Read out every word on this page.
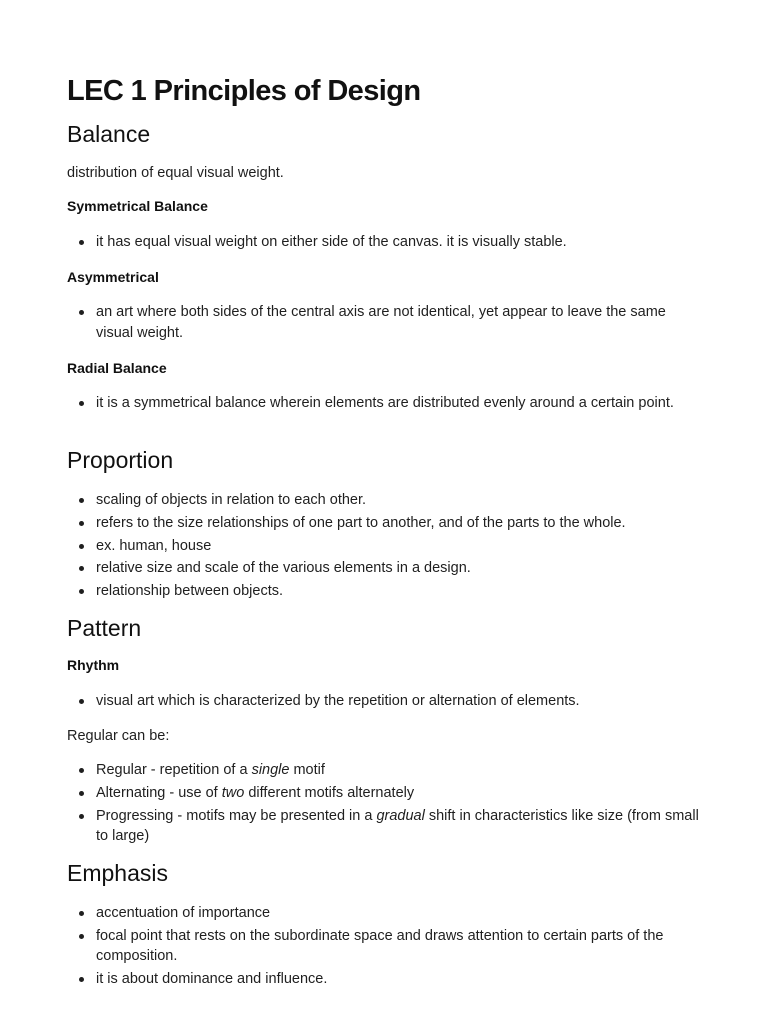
LEC 1 Principles of Design
Balance

distribution of equal visual weight.

Symmetrical Balance

it has equal visual weight on either side of the canvas. it is visually stable.

Asymmetrical

an art where both sides of the central axis are not identical, yet appear to leave the same visual weight.

Radial Balance

it is a symmetrical balance wherein elements are distributed evenly around a certain point.
Proportion
scaling of objects in relation to each other.
refers to the size relationships of one part to another, and of the parts to the whole.
ex. human, house
relative size and scale of the various elements in a design.
relationship between objects.
Pattern

Rhythm

visual art which is characterized by the repetition or alternation of elements.

Regular can be:

Regular - repetition of a single motif
Alternating - use of two different motifs alternately
Progressing - motifs may be presented in a gradual shift in characteristics like size (from small to large)
Emphasis
accentuation of importance
focal point that rests on the subordinate space and draws attention to certain parts of the composition.
it is about dominance and influence.
